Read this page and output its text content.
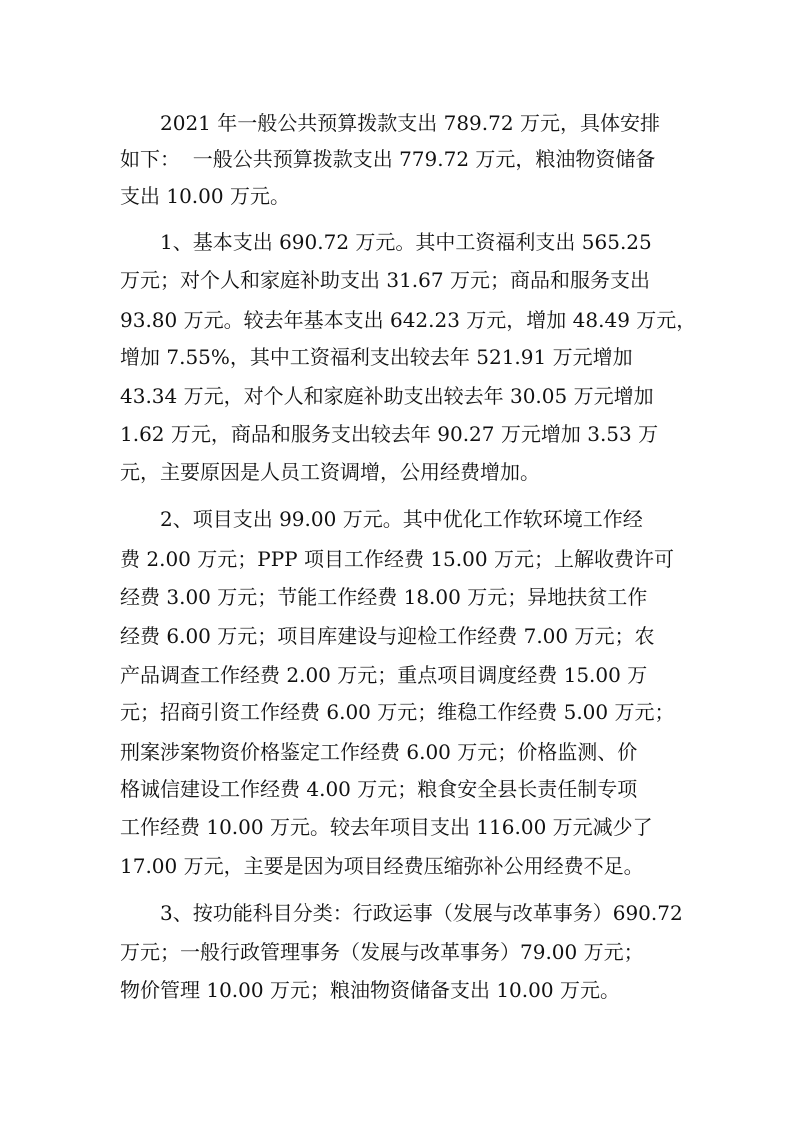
2021 年一般公共预算拨款支出 789.72 万元，具体安排
如下：  一般公共预算拨款支出 779.72 万元，粮油物资储备
支出 10.00 万元。
1、基本支出 690.72 万元。其中工资福利支出 565.25
万元；对个人和家庭补助支出 31.67 万元；商品和服务支出
93.80 万元。较去年基本支出 642.23 万元，增加 48.49 万元，
增加 7.55%，其中工资福利支出较去年 521.91 万元增加
43.34 万元，对个人和家庭补助支出较去年 30.05 万元增加
1.62 万元，商品和服务支出较去年 90.27 万元增加 3.53 万
元，主要原因是人员工资调增，公用经费增加。
2、项目支出 99.00 万元。其中优化工作软环境工作经
费 2.00 万元；PPP 项目工作经费 15.00 万元；上解收费许可
经费 3.00 万元；节能工作经费 18.00 万元；异地扶贫工作
经费 6.00 万元；项目库建设与迎检工作经费 7.00 万元；农
产品调查工作经费 2.00 万元；重点项目调度经费 15.00 万
元；招商引资工作经费 6.00 万元；维稳工作经费 5.00 万元；
刑案涉案物资价格鉴定工作经费 6.00 万元；价格监测、价
格诚信建设工作经费 4.00 万元；粮食安全县长责任制专项
工作经费 10.00 万元。较去年项目支出 116.00 万元减少了
17.00 万元，主要是因为项目经费压缩弥补公用经费不足。
3、按功能科目分类：行政运事（发展与改革事务）690.72
万元；一般行政管理事务（发展与改革事务）79.00 万元；
物价管理 10.00 万元；粮油物资储备支出 10.00 万元。
